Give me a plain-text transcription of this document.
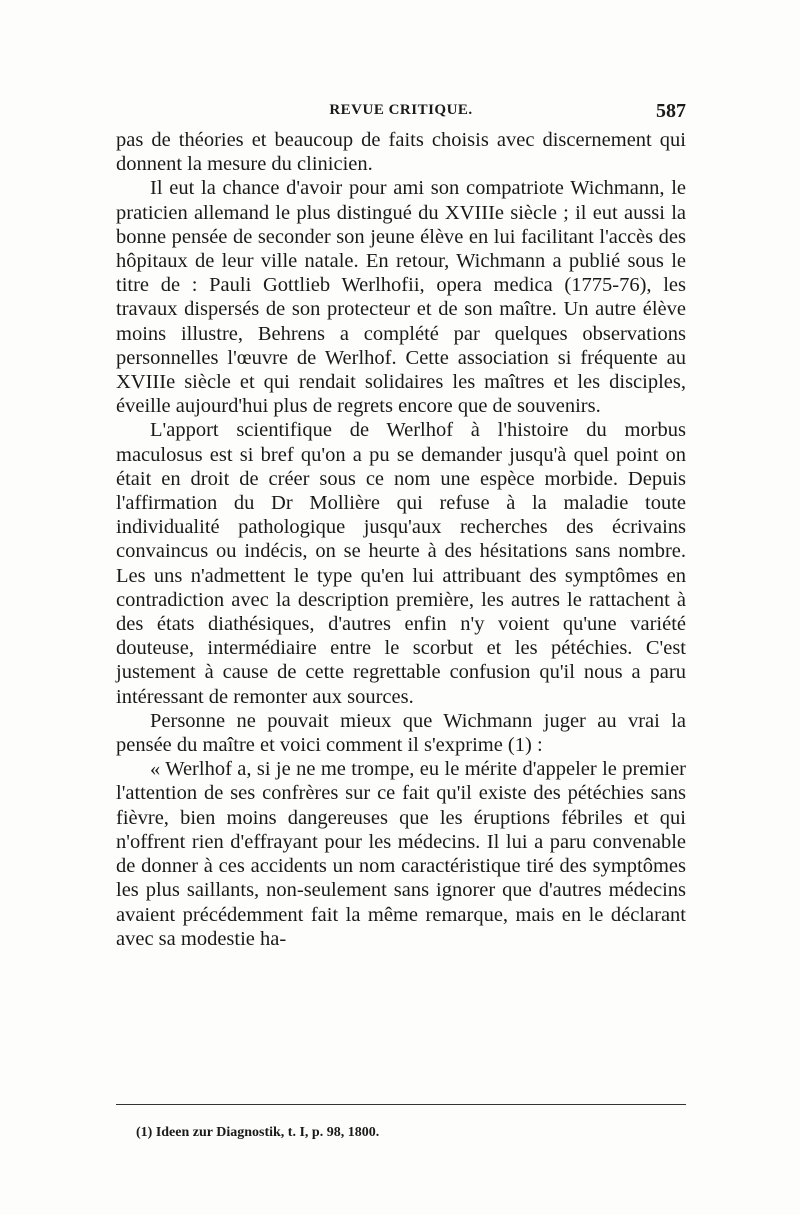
REVUE CRITIQUE.	587

pas de théories et beaucoup de faits choisis avec discernement qui donnent la mesure du clinicien.

Il eut la chance d'avoir pour ami son compatriote Wichmann, le praticien allemand le plus distingué du XVIIIe siècle ; il eut aussi la bonne pensée de seconder son jeune élève en lui facilitant l'accès des hôpitaux de leur ville natale. En retour, Wichmann a publié sous le titre de : Pauli Gottlieb Werlhofii, opera medica (1775-76), les travaux dispersés de son protecteur et de son maître. Un autre élève moins illustre, Behrens a complété par quelques observations personnelles l'œuvre de Werlhof. Cette association si fréquente au XVIIIe siècle et qui rendait solidaires les maîtres et les disciples, éveille aujourd'hui plus de regrets encore que de souvenirs.

L'apport scientifique de Werlhof à l'histoire du morbus maculosus est si bref qu'on a pu se demander jusqu'à quel point on était en droit de créer sous ce nom une espèce morbide. Depuis l'affirmation du Dr Mollière qui refuse à la maladie toute individualité pathologique jusqu'aux recherches des écrivains convaincus ou indécis, on se heurte à des hésitations sans nombre. Les uns n'admettent le type qu'en lui attribuant des symptômes en contradiction avec la description première, les autres le rattachent à des états diathésiques, d'autres enfin n'y voient qu'une variété douteuse, intermédiaire entre le scorbut et les pétéchies. C'est justement à cause de cette regrettable confusion qu'il nous a paru intéressant de remonter aux sources.

Personne ne pouvait mieux que Wichmann juger au vrai la pensée du maître et voici comment il s'exprime (1) :

« Werlhof a, si je ne me trompe, eu le mérite d'appeler le premier l'attention de ses confrères sur ce fait qu'il existe des pétéchies sans fièvre, bien moins dangereuses que les éruptions fébriles et qui n'offrent rien d'effrayant pour les médecins. Il lui a paru convenable de donner à ces accidents un nom caractéristique tiré des symptômes les plus saillants, non-seulement sans ignorer que d'autres médecins avaient précédemment fait la même remarque, mais en le déclarant avec sa modestie ha-

(1) Ideen zur Diagnostik, t. I, p. 98, 1800.
